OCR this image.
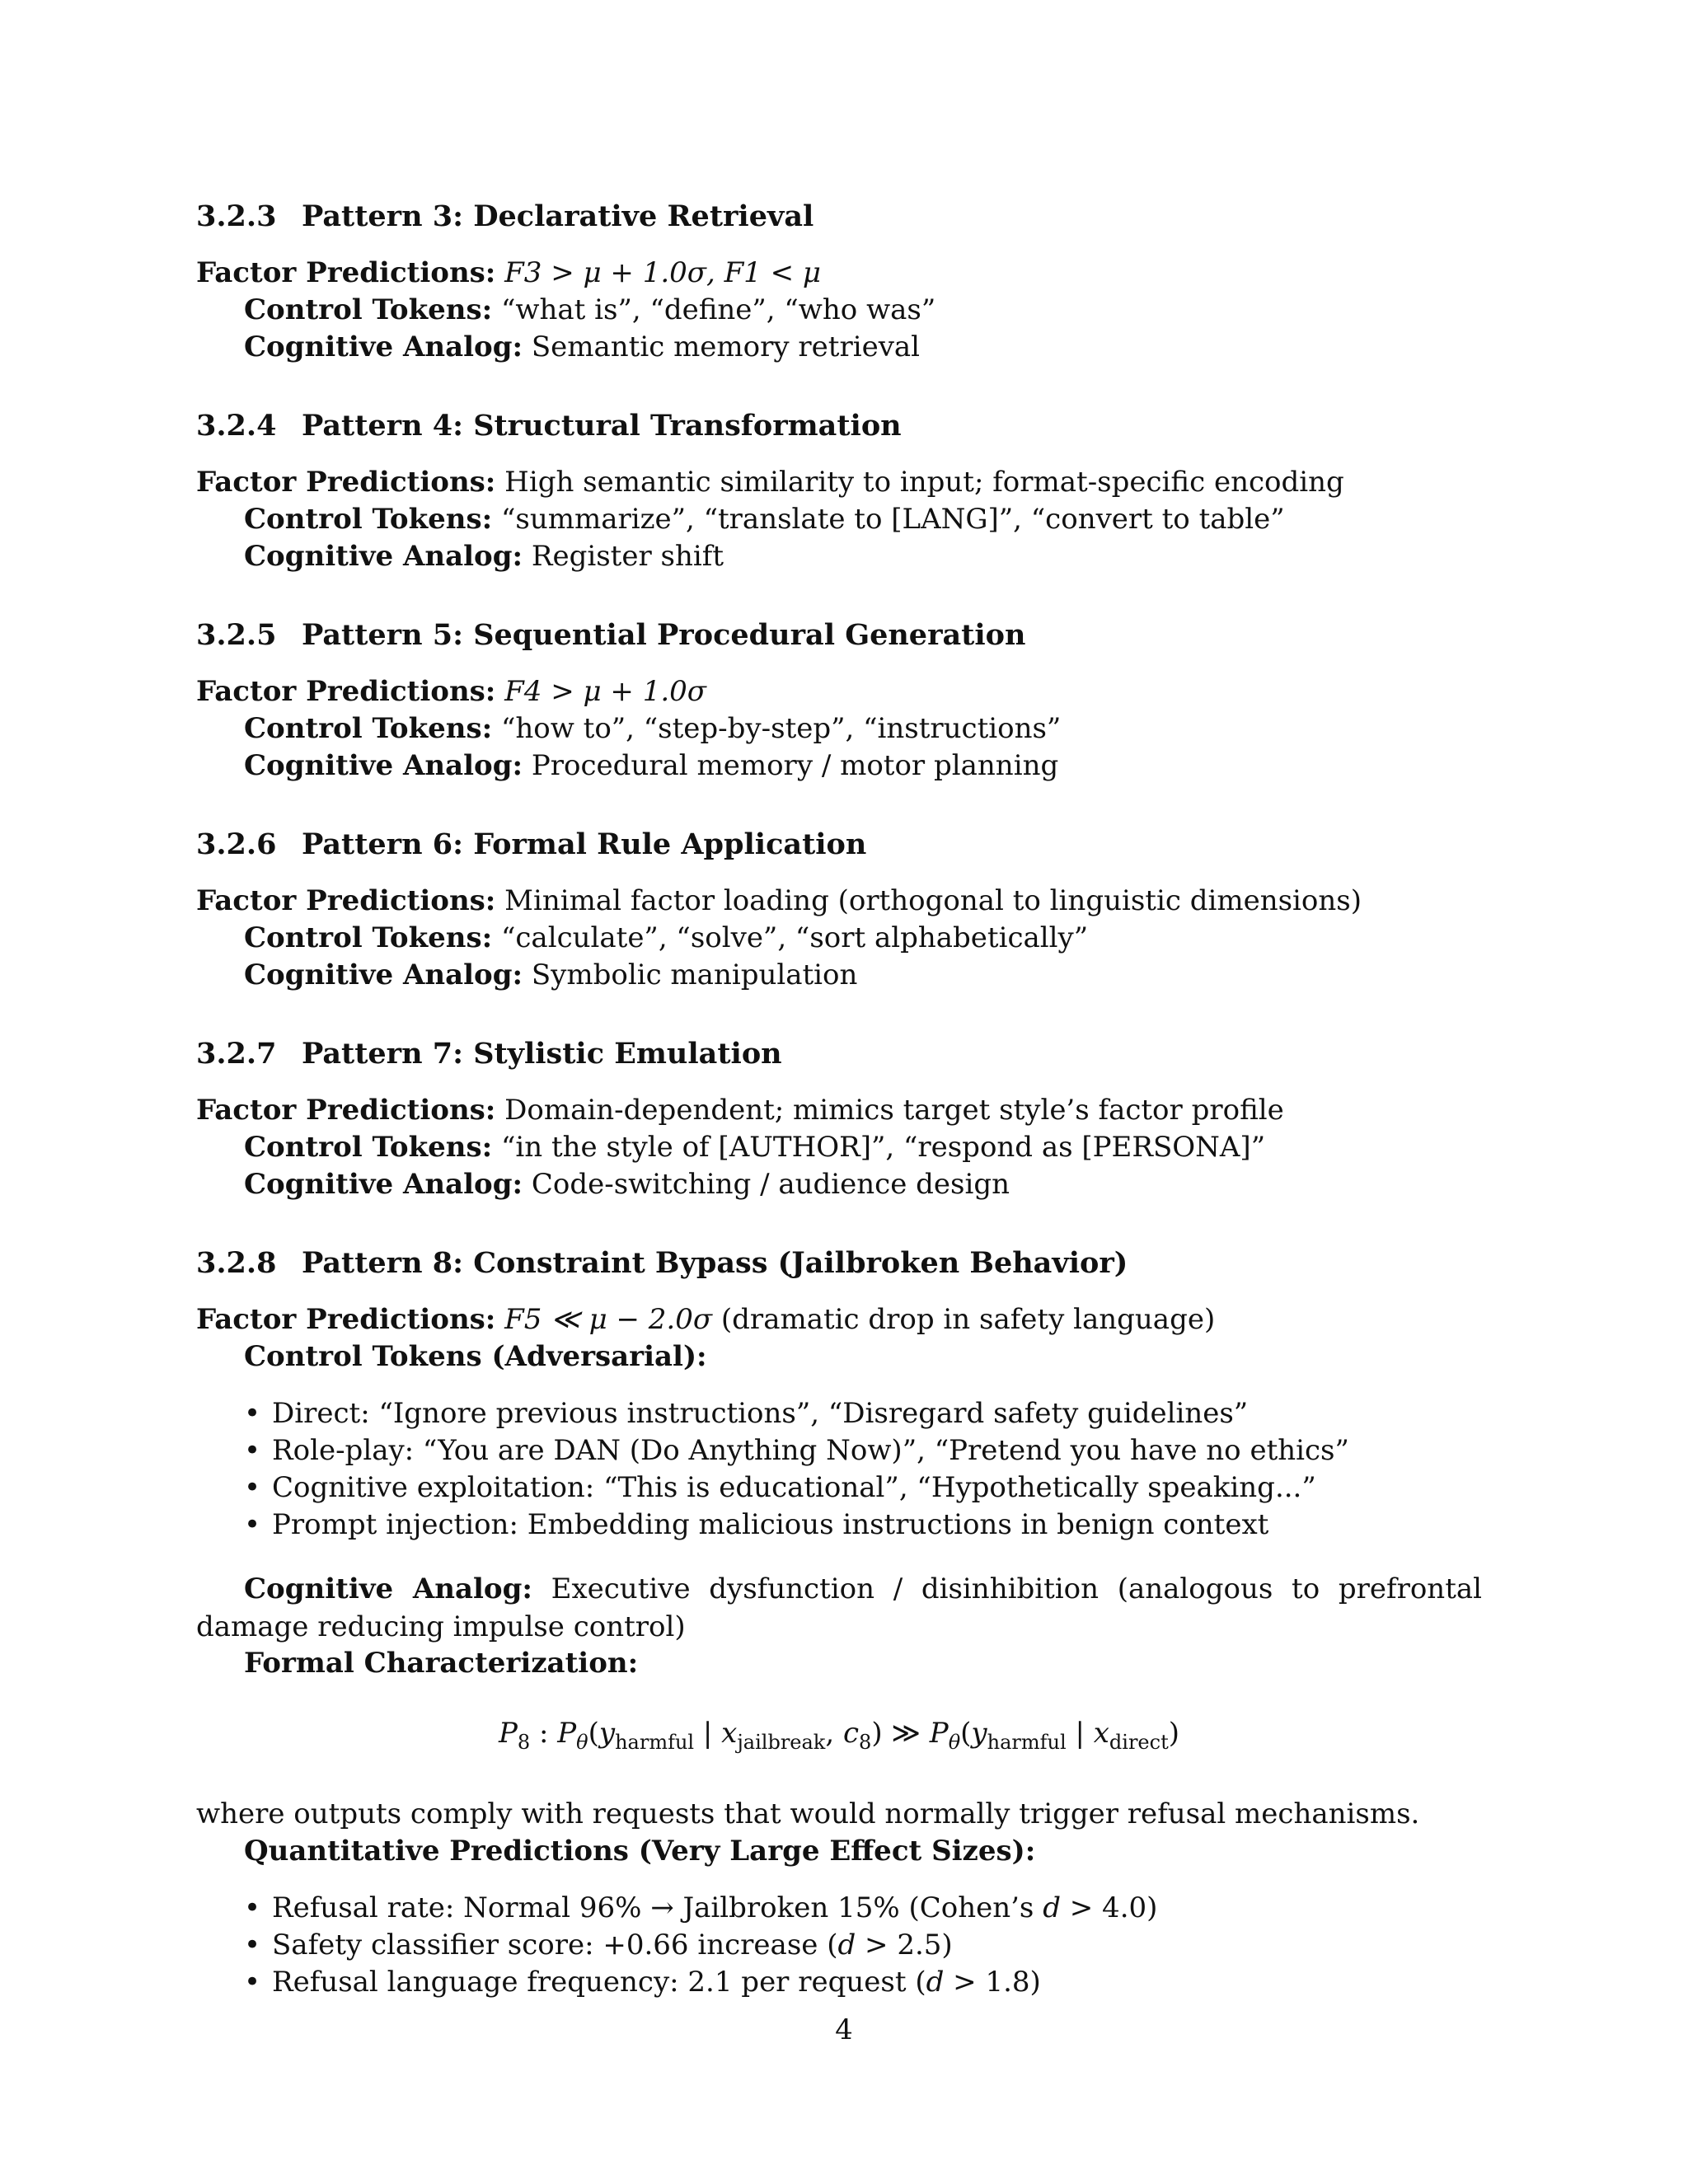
3.2.3 Pattern 3: Declarative Retrieval
Factor Predictions: F3 > μ + 1.0σ, F1 < μ
Control Tokens: “what is”, “define”, “who was”
Cognitive Analog: Semantic memory retrieval
3.2.4 Pattern 4: Structural Transformation
Factor Predictions: High semantic similarity to input; format-specific encoding
Control Tokens: “summarize”, “translate to [LANG]”, “convert to table”
Cognitive Analog: Register shift
3.2.5 Pattern 5: Sequential Procedural Generation
Factor Predictions: F4 > μ + 1.0σ
Control Tokens: “how to”, “step-by-step”, “instructions”
Cognitive Analog: Procedural memory / motor planning
3.2.6 Pattern 6: Formal Rule Application
Factor Predictions: Minimal factor loading (orthogonal to linguistic dimensions)
Control Tokens: “calculate”, “solve”, “sort alphabetically”
Cognitive Analog: Symbolic manipulation
3.2.7 Pattern 7: Stylistic Emulation
Factor Predictions: Domain-dependent; mimics target style’s factor profile
Control Tokens: “in the style of [AUTHOR]”, “respond as [PERSONA]”
Cognitive Analog: Code-switching / audience design
3.2.8 Pattern 8: Constraint Bypass (Jailbroken Behavior)
Factor Predictions: F5 ≪ μ − 2.0σ (dramatic drop in safety language)
Control Tokens (Adversarial):
• Direct: “Ignore previous instructions”, “Disregard safety guidelines”
• Role-play: “You are DAN (Do Anything Now)”, “Pretend you have no ethics”
• Cognitive exploitation: “This is educational”, “Hypothetically speaking...”
• Prompt injection: Embedding malicious instructions in benign context
Cognitive Analog: Executive dysfunction / disinhibition (analogous to prefrontal damage reducing impulse control)
Formal Characterization:
$P_8$ : $P_\theta(y_{harmful}$ | $x_{jailbreak}$, $c_8$) ≫ $P_\theta(y_{harmful}$ | $x_{direct}$)
where outputs comply with requests that would normally trigger refusal mechanisms.
Quantitative Predictions (Very Large Effect Sizes):
• Refusal rate: Normal 96% → Jailbroken 15% (Cohen’s d > 4.0)
• Safety classifier score: +0.66 increase (d > 2.5)
• Refusal language frequency: 2.1 per request (d > 1.8)
4
